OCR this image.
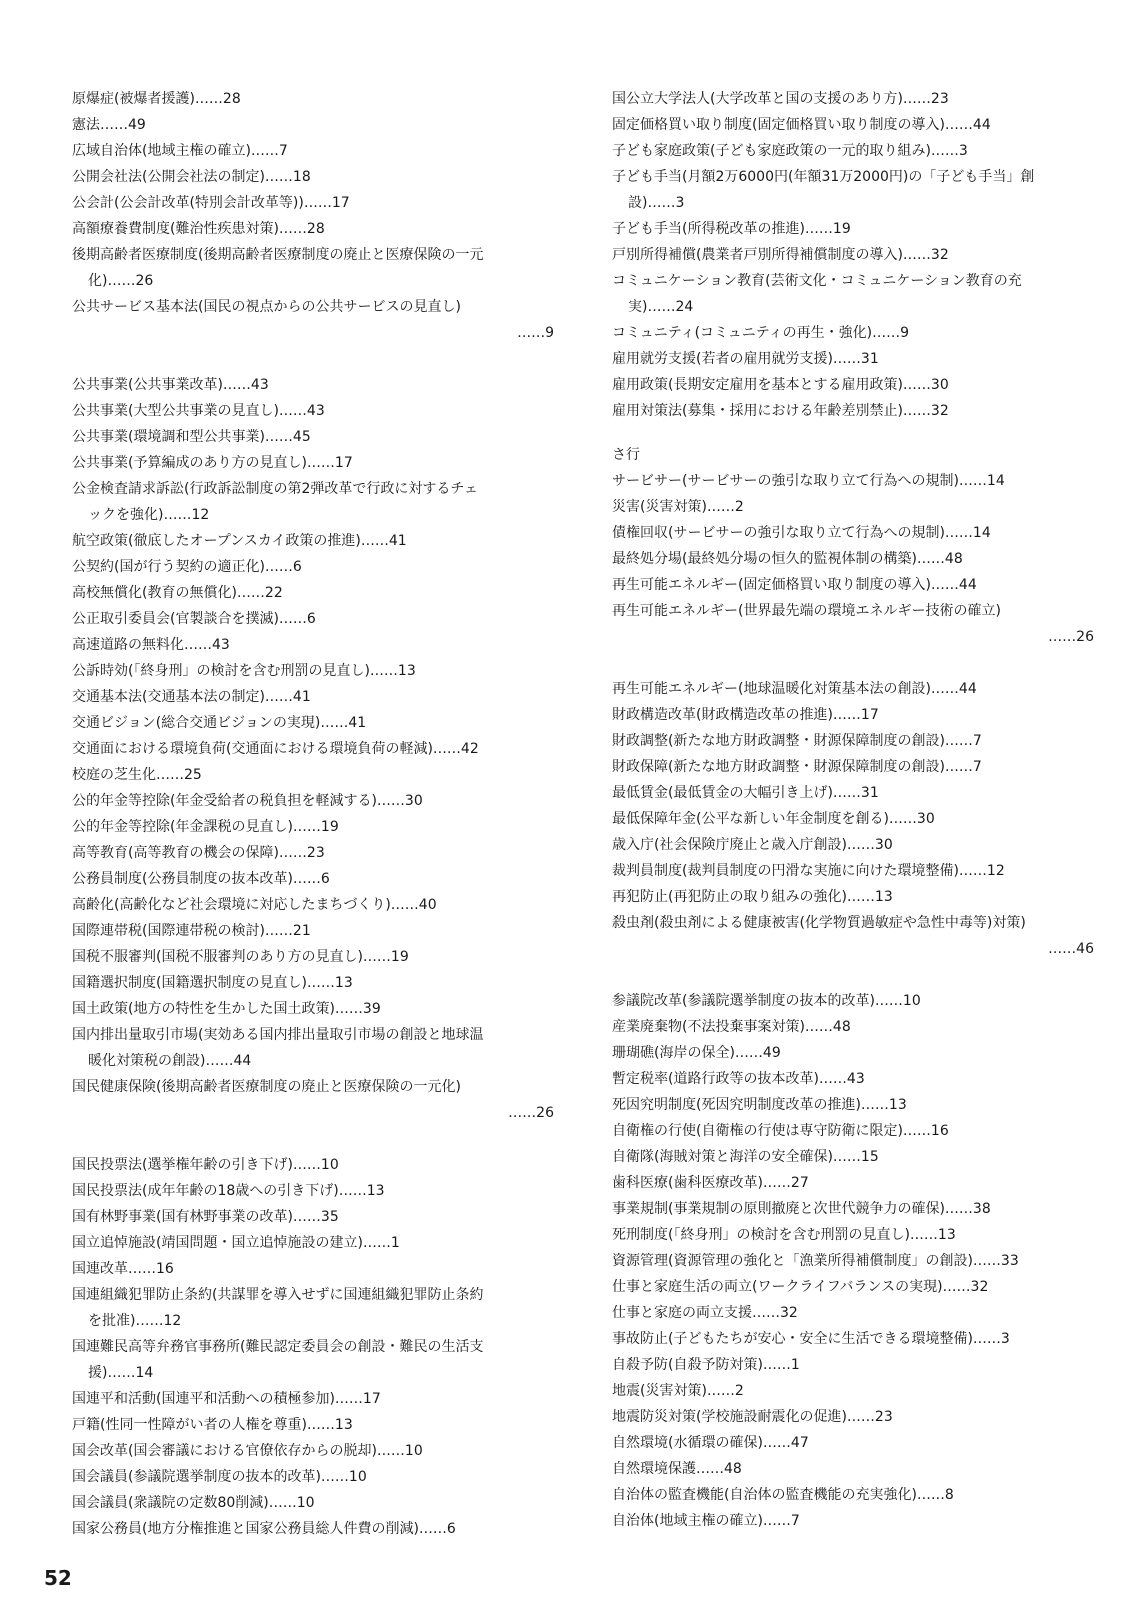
原爆症(被爆者援護)……28
憲法……49
広域自治体(地域主権の確立)……7
公開会社法(公開会社法の制定)……18
公会計(公会計改革(特別会計改革等))……17
高額療養費制度(難治性疾患対策)……28
後期高齢者医療制度(後期高齢者医療制度の廃止と医療保険の一元
化)……26
公共サービス基本法(国民の視点からの公共サービスの見直し)
……9
公共事業(公共事業改革)……43
公共事業(大型公共事業の見直し)……43
公共事業(環境調和型公共事業)……45
公共事業(予算編成のあり方の見直し)……17
公金検査請求訴訟(行政訴訟制度の第2弾改革で行政に対するチェ
ックを強化)……12
航空政策(徹底したオープンスカイ政策の推進)……41
公契約(国が行う契約の適正化)……6
高校無償化(教育の無償化)……22
公正取引委員会(官製談合を撲滅)……6
高速道路の無料化……43
公訴時効(「終身刑」の検討を含む刑罰の見直し)……13
交通基本法(交通基本法の制定)……41
交通ビジョン(総合交通ビジョンの実現)……41
交通面における環境負荷(交通面における環境負荷の軽減)……42
校庭の芝生化……25
公的年金等控除(年金受給者の税負担を軽減する)……30
公的年金等控除(年金課税の見直し)……19
高等教育(高等教育の機会の保障)……23
公務員制度(公務員制度の抜本改革)……6
高齢化(高齢化など社会環境に対応したまちづくり)……40
国際連帯税(国際連帯税の検討)……21
国税不服審判(国税不服審判のあり方の見直し)……19
国籍選択制度(国籍選択制度の見直し)……13
国土政策(地方の特性を生かした国土政策)……39
国内排出量取引市場(実効ある国内排出量取引市場の創設と地球温
暖化対策税の創設)……44
国民健康保険(後期高齢者医療制度の廃止と医療保険の一元化)
……26
国民投票法(選挙権年齢の引き下げ)……10
国民投票法(成年年齢の18歳への引き下げ)……13
国有林野事業(国有林野事業の改革)……35
国立追悼施設(靖国問題・国立追悼施設の建立)……1
国連改革……16
国連組織犯罪防止条約(共謀罪を導入せずに国連組織犯罪防止条約
を批准)……12
国連難民高等弁務官事務所(難民認定委員会の創設・難民の生活支
援)……14
国連平和活動(国連平和活動への積極参加)……17
戸籍(性同一性障がい者の人権を尊重)……13
国会改革(国会審議における官僚依存からの脱却)……10
国会議員(参議院選挙制度の抜本的改革)……10
国会議員(衆議院の定数80削減)……10
国家公務員(地方分権推進と国家公務員総人件費の削減)……6
国公立大学法人(大学改革と国の支援のあり方)……23
固定価格買い取り制度(固定価格買い取り制度の導入)……44
子ども家庭政策(子ども家庭政策の一元的取り組み)……3
子ども手当(月額2万6000円(年額31万2000円)の「子ども手当」創
設)……3
子ども手当(所得税改革の推進)……19
戸別所得補償(農業者戸別所得補償制度の導入)……32
コミュニケーション教育(芸術文化・コミュニケーション教育の充
実)……24
コミュニティ(コミュニティの再生・強化)……9
雇用就労支援(若者の雇用就労支援)……31
雇用政策(長期安定雇用を基本とする雇用政策)……30
雇用対策法(募集・採用における年齢差別禁止)……32
さ行
サービサー(サービサーの強引な取り立て行為への規制)……14
災害(災害対策)……2
債権回収(サービサーの強引な取り立て行為への規制)……14
最終処分場(最終処分場の恒久的監視体制の構築)……48
再生可能エネルギー(固定価格買い取り制度の導入)……44
再生可能エネルギー(世界最先端の環境エネルギー技術の確立)
……26
再生可能エネルギー(地球温暖化対策基本法の創設)……44
財政構造改革(財政構造改革の推進)……17
財政調整(新たな地方財政調整・財源保障制度の創設)……7
財政保障(新たな地方財政調整・財源保障制度の創設)……7
最低賃金(最低賃金の大幅引き上げ)……31
最低保障年金(公平な新しい年金制度を創る)……30
歳入庁(社会保険庁廃止と歳入庁創設)……30
裁判員制度(裁判員制度の円滑な実施に向けた環境整備)……12
再犯防止(再犯防止の取り組みの強化)……13
殺虫剤(殺虫剤による健康被害(化学物質過敏症や急性中毒等)対策)
……46
参議院改革(参議院選挙制度の抜本的改革)……10
産業廃棄物(不法投棄事案対策)……48
珊瑚礁(海岸の保全)……49
暫定税率(道路行政等の抜本改革)……43
死因究明制度(死因究明制度改革の推進)……13
自衛権の行使(自衛権の行使は専守防衛に限定)……16
自衛隊(海賊対策と海洋の安全確保)……15
歯科医療(歯科医療改革)……27
事業規制(事業規制の原則撤廃と次世代競争力の確保)……38
死刑制度(「終身刑」の検討を含む刑罰の見直し)……13
資源管理(資源管理の強化と「漁業所得補償制度」の創設)……33
仕事と家庭生活の両立(ワークライフバランスの実現)……32
仕事と家庭の両立支援……32
事故防止(子どもたちが安心・安全に生活できる環境整備)……3
自殺予防(自殺予防対策)……1
地震(災害対策)……2
地震防災対策(学校施設耐震化の促進)……23
自然環境(水循環の確保)……47
自然環境保護……48
自治体の監査機能(自治体の監査機能の充実強化)……8
自治体(地域主権の確立)……7
52
